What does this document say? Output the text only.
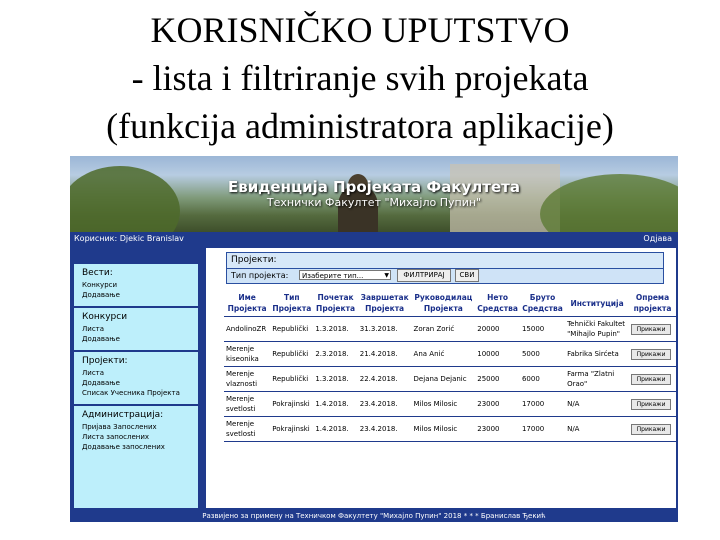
KORISNIČKO UPUTSTVO
- lista i filtriranje svih projekata
(funkcija administratora aplikacije)
Евиденција Пројеката Факултета
Технички Факултет "Михајло Пупин"
Корисник: Djekic Branislav	Одјава
Вести:
Конкурси
Додавање
Конкурси
Листа
Додавање
Пројекти:
Листа
Додавање
Списак Учесника Пројекта
Администрација:
Пријава Запослених
Листа запослених
Додавање запослених
Пројекти:
Тип пројекта:	Изаберите тип...	▼	ФИЛТРИРАЈ	СВИ
Име Пројекта	Тип Пројекта	Почетак Пројекта	Завршетак Пројекта	Руководилац Пројекта	Нето Средства	Бруто Средства	Институција	Опрема пројекта
AndolinoZR	Republički	1.3.2018.	31.3.2018.	Zoran Zorić	20000	15000	Tehnički Fakultet "Mihajlo Pupin"	Прикажи
Merenje kiseonika	Republički	2.3.2018.	21.4.2018.	Ana Anić	10000	5000	Fabrika Sirćeta	Прикажи
Merenje vlaznosti	Republički	1.3.2018.	22.4.2018.	Dejana Dejanic	25000	6000	Farma "Zlatni Orao"	Прикажи
Merenje svetlosti	Pokrajinski	1.4.2018.	23.4.2018.	Milos Milosic	23000	17000	N/A	Прикажи
Merenje svetlosti	Pokrajinski	1.4.2018.	23.4.2018.	Milos Milosic	23000	17000	N/A	Прикажи
Развијено за примену на Техничком Факултету "Михајло Пупин" 2018 * * * Бранислав Ђекић
